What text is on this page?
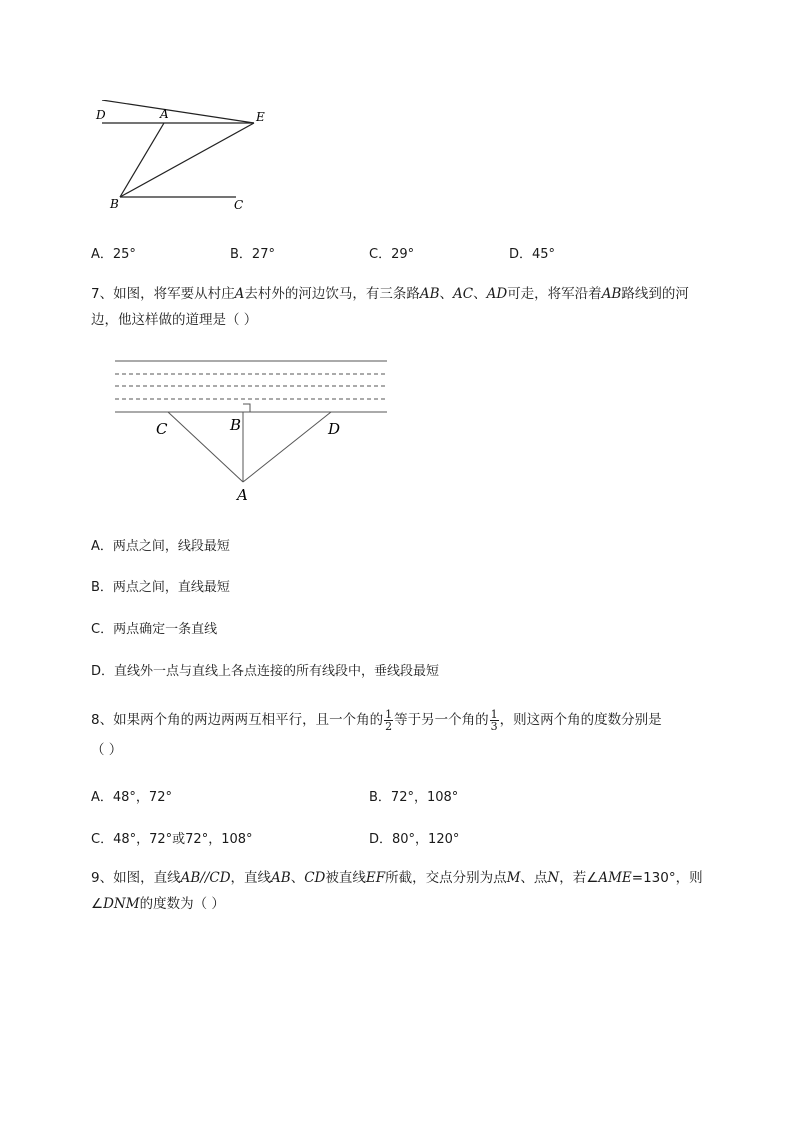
D	A	E
B	C
A．25°	B．27°	C．29°	D．45°
7、如图，将军要从村庄A去村外的河边饮马，有三条路AB、AC、AD可走，将军沿着AB路线到的河
边，他这样做的道理是（ ）
C	B	D
A
A．两点之间，线段最短
B．两点之间，直线最短
C．两点确定一条直线
D．直线外一点与直线上各点连接的所有线段中，垂线段最短
8、如果两个角的两边两两互相平行，且一个角的 $\frac{1}{2}$ 等于另一个角的 $\frac{1}{3}$ ，则这两个角的度数分别是
（ ）
A．48°，72°	B．72°，108°
C．48°，72°或72°，108°	D．80°，120°
9、如图，直线AB//CD，直线AB、CD被直线EF所截，交点分别为点M、点N，若∠AME=130°，则
∠DNM的度数为（ ）
